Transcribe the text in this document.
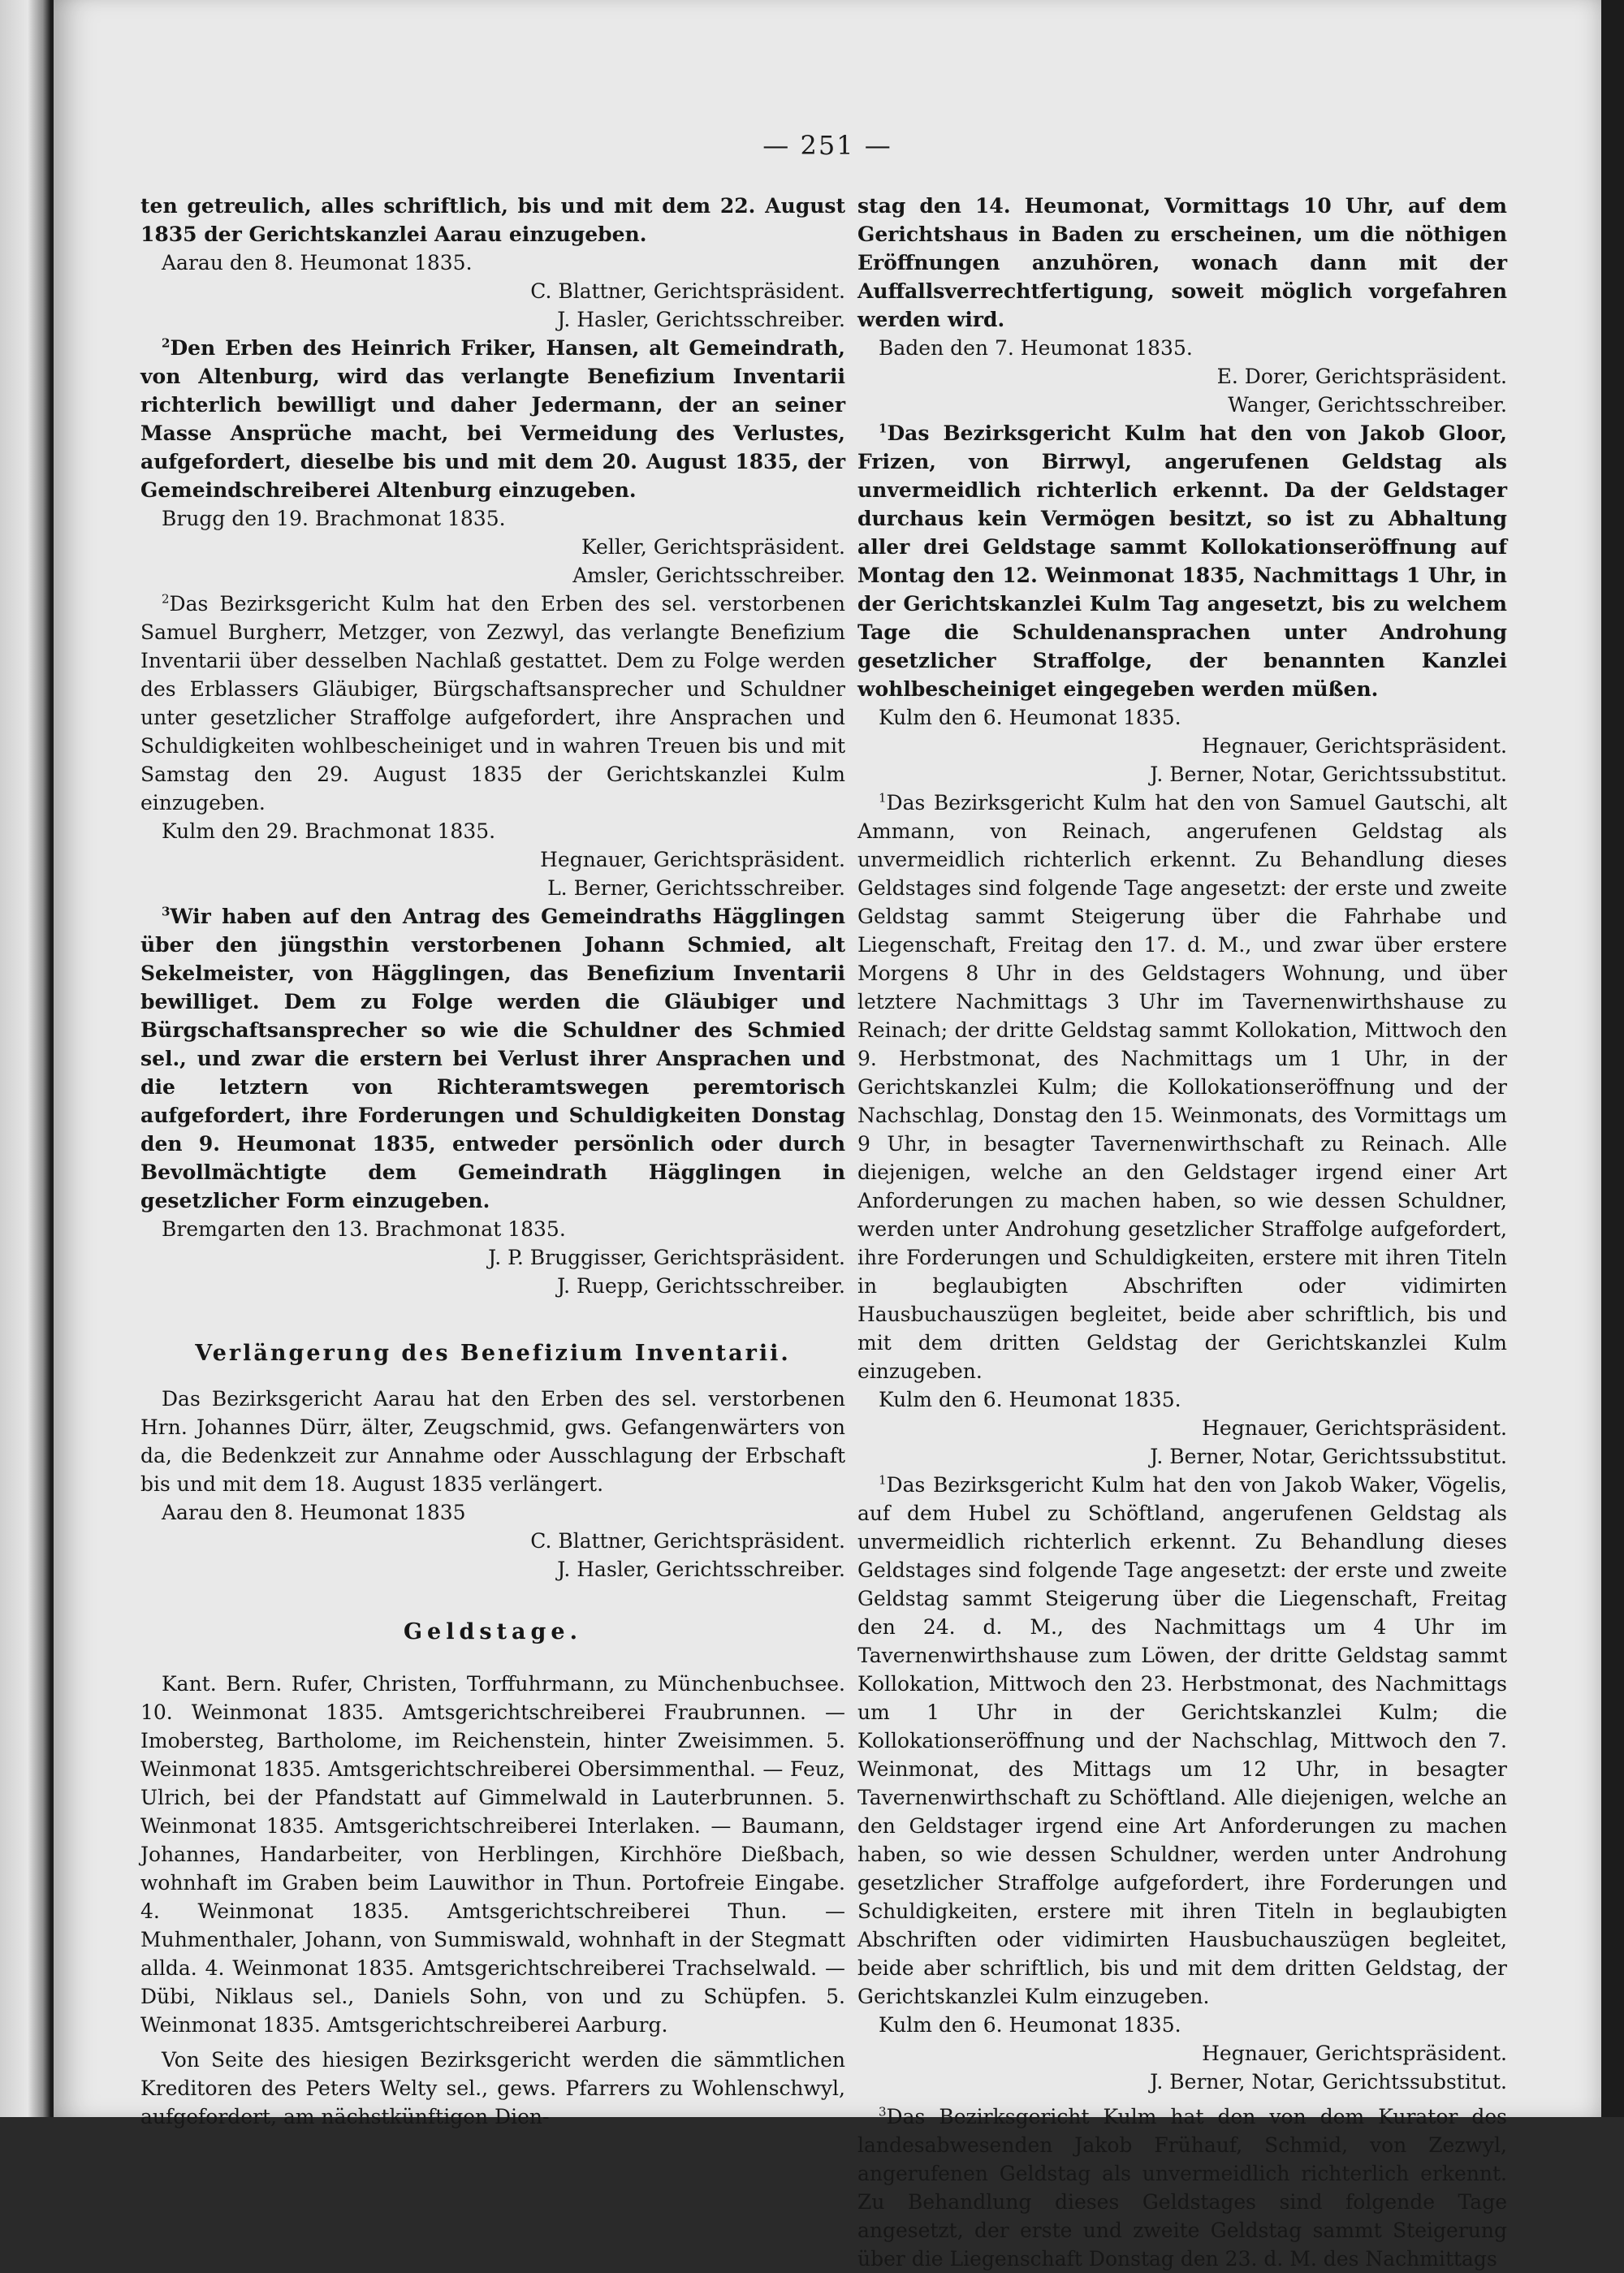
— 251 —

ten getreulich, alles schriftlich, bis und mit dem 22. August 1835 der Gerichtskanzlei Aarau einzugeben.

Aarau den 8. Heumonat 1835.

C. Blattner, Gerichtspräsident.

J. Hasler, Gerichtsschreiber.

$^2$Den Erben des Heinrich Friker, Hansen, alt Gemeindrath, von Altenburg, wird das verlangte Benefizium Inventarii richterlich bewilligt und daher Jedermann, der an seiner Masse Ansprüche macht, bei Vermeidung des Verlustes, aufgefordert, dieselbe bis und mit dem 20. August 1835, der Gemeindschreiberei Altenburg einzugeben.

Brugg den 19. Brachmonat 1835.

Keller, Gerichtspräsident.

Amsler, Gerichtsschreiber.

$^2$Das Bezirksgericht Kulm hat den Erben des sel. verstorbenen Samuel Burgherr, Metzger, von Zezwyl, das verlangte Benefizium Inventarii über desselben Nachlaß gestattet. Dem zu Folge werden des Erblassers Gläubiger, Bürgschaftsansprecher und Schuldner unter gesetzlicher Straffolge aufgefordert, ihre Ansprachen und Schuldigkeiten wohlbescheiniget und in wahren Treuen bis und mit Samstag den 29. August 1835 der Gerichtskanzlei Kulm einzugeben.

Kulm den 29. Brachmonat 1835.

Hegnauer, Gerichtspräsident.

L. Berner, Gerichtsschreiber.

$^3$Wir haben auf den Antrag des Gemeindraths Hägglingen über den jüngsthin verstorbenen Johann Schmied, alt Sekelmeister, von Hägglingen, das Benefizium Inventarii bewilliget. Dem zu Folge werden die Gläubiger und Bürgschaftsansprecher so wie die Schuldner des Schmied sel., und zwar die erstern bei Verlust ihrer Ansprachen und die letztern von Richteramtswegen peremtorisch aufgefordert, ihre Forderungen und Schuldigkeiten Donstag den 9. Heumonat 1835, entweder persönlich oder durch Bevollmächtigte dem Gemeindrath Hägglingen in gesetzlicher Form einzugeben.

Bremgarten den 13. Brachmonat 1835.

J. P. Bruggisser, Gerichtspräsident.

J. Ruepp, Gerichtsschreiber.

Verlängerung des Benefizium Inventarii.

Das Bezirksgericht Aarau hat den Erben des sel. verstorbenen Hrn. Johannes Dürr, älter, Zeugschmid, gws. Gefangenwärters von da, die Bedenkzeit zur Annahme oder Ausschlagung der Erbschaft bis und mit dem 18. August 1835 verlängert.

Aarau den 8. Heumonat 1835

C. Blattner, Gerichtspräsident.

J. Hasler, Gerichtsschreiber.

Geldstage.

Kant. Bern. Rufer, Christen, Torffuhrmann, zu Münchenbuchsee. 10. Weinmonat 1835. Amtsgerichtschreiberei Fraubrunnen. — Imobersteg, Bartholome, im Reichenstein, hinter Zweisimmen. 5. Weinmonat 1835. Amtsgerichtschreiberei Obersimmenthal. — Feuz, Ulrich, bei der Pfandstatt auf Gimmelwald in Lauterbrunnen. 5. Weinmonat 1835. Amtsgerichtschreiberei Interlaken. — Baumann, Johannes, Handarbeiter, von Herblingen, Kirchhöre Dießbach, wohnhaft im Graben beim Lauwithor in Thun. Portofreie Eingabe. 4. Weinmonat 1835. Amtsgerichtschreiberei Thun. — Muhmenthaler, Johann, von Summiswald, wohnhaft in der Stegmatt allda. 4. Weinmonat 1835. Amtsgerichtschreiberei Trachselwald. — Dübi, Niklaus sel., Daniels Sohn, von und zu Schüpfen. 5. Weinmonat 1835. Amtsgerichtschreiberei Aarburg.

Von Seite des hiesigen Bezirksgericht werden die sämmtlichen Kreditoren des Peters Welty sel., gews. Pfarrers zu Wohlenschwyl, aufgefordert, am nächstkünftigen Dien-

stag den 14. Heumonat, Vormittags 10 Uhr, auf dem Gerichtshaus in Baden zu erscheinen, um die nöthigen Eröffnungen anzuhören, wonach dann mit der Auffallsverrechtfertigung, soweit möglich vorgefahren werden wird.

Baden den 7. Heumonat 1835.

E. Dorer, Gerichtspräsident.

Wanger, Gerichtsschreiber.

$^1$Das Bezirksgericht Kulm hat den von Jakob Gloor, Frizen, von Birrwyl, angerufenen Geldstag als unvermeidlich richterlich erkennt. Da der Geldstager durchaus kein Vermögen besitzt, so ist zu Abhaltung aller drei Geldstage sammt Kollokationseröffnung auf Montag den 12. Weinmonat 1835, Nachmittags 1 Uhr, in der Gerichtskanzlei Kulm Tag angesetzt, bis zu welchem Tage die Schuldenansprachen unter Androhung gesetzlicher Straffolge, der benannten Kanzlei wohlbescheiniget eingegeben werden müßen.

Kulm den 6. Heumonat 1835.

Hegnauer, Gerichtspräsident.

J. Berner, Notar, Gerichtssubstitut.

$^1$Das Bezirksgericht Kulm hat den von Samuel Gautschi, alt Ammann, von Reinach, angerufenen Geldstag als unvermeidlich richterlich erkennt. Zu Behandlung dieses Geldstages sind folgende Tage angesetzt: der erste und zweite Geldstag sammt Steigerung über die Fahrhabe und Liegenschaft, Freitag den 17. d. M., und zwar über erstere Morgens 8 Uhr in des Geldstagers Wohnung, und über letztere Nachmittags 3 Uhr im Tavernenwirthshause zu Reinach; der dritte Geldstag sammt Kollokation, Mittwoch den 9. Herbstmonat, des Nachmittags um 1 Uhr, in der Gerichtskanzlei Kulm; die Kollokationseröffnung und der Nachschlag, Donstag den 15. Weinmonats, des Vormittags um 9 Uhr, in besagter Tavernenwirthschaft zu Reinach. Alle diejenigen, welche an den Geldstager irgend einer Art Anforderungen zu machen haben, so wie dessen Schuldner, werden unter Androhung gesetzlicher Straffolge aufgefordert, ihre Forderungen und Schuldigkeiten, erstere mit ihren Titeln in beglaubigten Abschriften oder vidimirten Hausbuchauszügen begleitet, beide aber schriftlich, bis und mit dem dritten Geldstag der Gerichtskanzlei Kulm einzugeben.

Kulm den 6. Heumonat 1835.

Hegnauer, Gerichtspräsident.

J. Berner, Notar, Gerichtssubstitut.

$^1$Das Bezirksgericht Kulm hat den von Jakob Waker, Vögelis, auf dem Hubel zu Schöftland, angerufenen Geldstag als unvermeidlich richterlich erkennt. Zu Behandlung dieses Geldstages sind folgende Tage angesetzt: der erste und zweite Geldstag sammt Steigerung über die Liegenschaft, Freitag den 24. d. M., des Nachmittags um 4 Uhr im Tavernenwirthshause zum Löwen, der dritte Geldstag sammt Kollokation, Mittwoch den 23. Herbstmonat, des Nachmittags um 1 Uhr in der Gerichtskanzlei Kulm; die Kollokationseröffnung und der Nachschlag, Mittwoch den 7. Weinmonat, des Mittags um 12 Uhr, in besagter Tavernenwirthschaft zu Schöftland. Alle diejenigen, welche an den Geldstager irgend eine Art Anforderungen zu machen haben, so wie dessen Schuldner, werden unter Androhung gesetzlicher Straffolge aufgefordert, ihre Forderungen und Schuldigkeiten, erstere mit ihren Titeln in beglaubigten Abschriften oder vidimirten Hausbuchauszügen begleitet, beide aber schriftlich, bis und mit dem dritten Geldstag, der Gerichtskanzlei Kulm einzugeben.

Kulm den 6. Heumonat 1835.

Hegnauer, Gerichtspräsident.

J. Berner, Notar, Gerichtssubstitut.

$^3$Das Bezirksgericht Kulm hat den von dem Kurator des landesabwesenden Jakob Frühauf, Schmid, von Zezwyl, angerufenen Geldstag als unvermeidlich richterlich erkennt. Zu Behandlung dieses Geldstages sind folgende Tage angesetzt, der erste und zweite Geldstag sammt Steigerung über die Liegenschaft Donstag den 23. d. M. des Nachmittags
